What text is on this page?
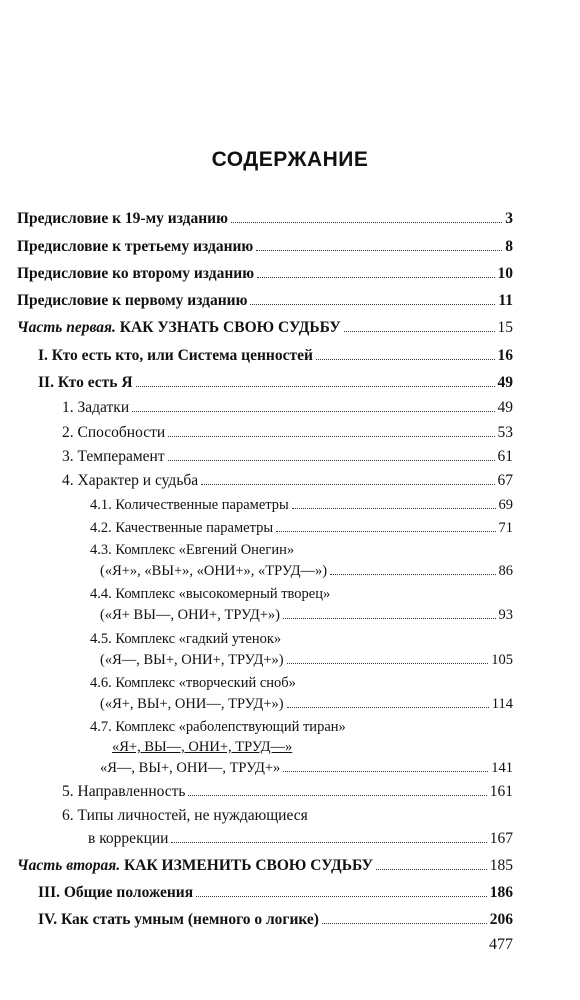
СОДЕРЖАНИЕ
Предисловие к 19-му изданию	3
Предисловие к третьему изданию	8
Предисловие ко второму изданию	10
Предисловие к первому изданию	11
Часть первая. КАК УЗНАТЬ СВОЮ СУДЬБУ	15
I. Кто есть кто, или Система ценностей	16
II. Кто есть Я	49
1. Задатки	49
2. Способности	53
3. Темперамент	61
4. Характер и судьба	67
4.1. Количественные параметры	69
4.2. Качественные параметры	71
4.3. Комплекс «Евгений Онегин»
(«Я+», «ВЫ+», «ОНИ+», «ТРУД—»)	86
4.4. Комплекс «высокомерный творец»
(«Я+ ВЫ—, ОНИ+, ТРУД+»)	93
4.5. Комплекс «гадкий утенок»
(«Я—, ВЫ+, ОНИ+, ТРУД+»)	105
4.6. Комплекс «творческий сноб»
(«Я+, ВЫ+, ОНИ—, ТРУД+»)	114
4.7. Комплекс «раболепствующий тиран»
«Я+, ВЫ—, ОНИ+, ТРУД—»
«Я—, ВЫ+, ОНИ—, ТРУД+»	141
5. Направленность	161
6. Типы личностей, не нуждающиеся
в коррекции	167
Часть вторая. КАК ИЗМЕНИТЬ СВОЮ СУДЬБУ	185
III. Общие положения	186
IV. Как стать умным (немного о логике)	206
477
